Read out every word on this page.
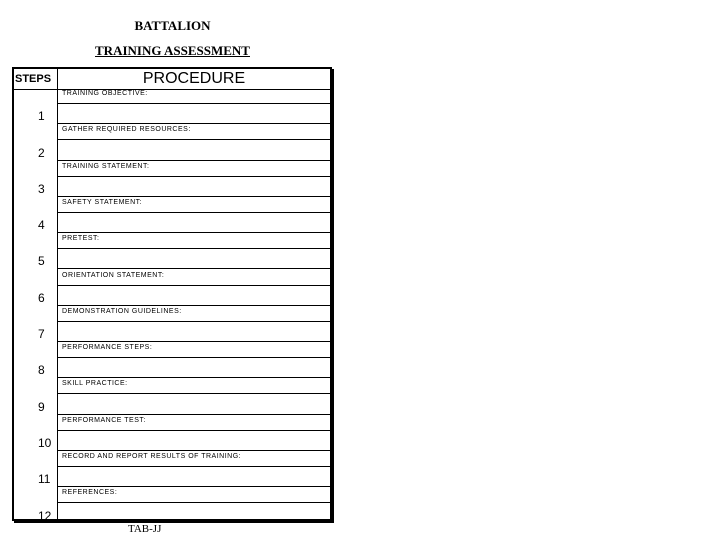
BATTALION
TRAINING ASSESSMENT
STEPS	PROCEDURE
TRAINING OBJECTIVE:
1
GATHER REQUIRED RESOURCES:
2
TRAINING STATEMENT:
3
SAFETY STATEMENT:
4
PRETEST:
5
ORIENTATION STATEMENT:
6
DEMONSTRATION GUIDELINES:
7
PERFORMANCE STEPS:
8
SKILL PRACTICE:
9
PERFORMANCE TEST:
10
RECORD AND REPORT RESULTS OF TRAINING:
11
REFERENCES:
12
TAB-JJ
